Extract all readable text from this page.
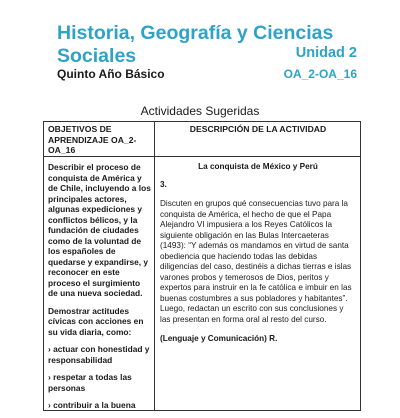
Historia, Geografía y Ciencias Sociales	Unidad 2
Quinto Año Básico	OA_2-OA_16
Actividades Sugeridas
OBJETIVOS DE APRENDIZAJE OA_2-OA_16
DESCRIPCIÓN DE LA ACTIVIDAD

Describir el proceso de conquista de América y de Chile, incluyendo a los principales actores, algunas expediciones y conflictos bélicos, y la fundación de ciudades como de la voluntad de los españoles de quedarse y expandirse, y reconocer en este proceso el surgimiento de una nueva sociedad.

Demostrar actitudes cívicas con acciones en su vida diaria, como:

› actuar con honestidad y responsabilidad

› respetar a todas las personas

› contribuir a la buena

La conquista de México y Perú

3.

Discuten en grupos qué consecuencias tuvo para la conquista de América, el hecho de que el Papa Alejandro VI impusiera a los Reyes Católicos la siguiente obligación en las Bulas Intercaeteras (1493): “Y además os mandamos en virtud de santa obediencia que haciendo todas las debidas diligencias del caso, destinéis a dichas tierras e islas varones probos y temerosos de Dios, peritos y expertos para instruir en la fe católica e imbuir en las buenas costumbres a sus pobladores y habitantes”. Luego, redactan un escrito con sus conclusiones y las presentan en forma oral al resto del curso.

(Lenguaje y Comunicación) R.
